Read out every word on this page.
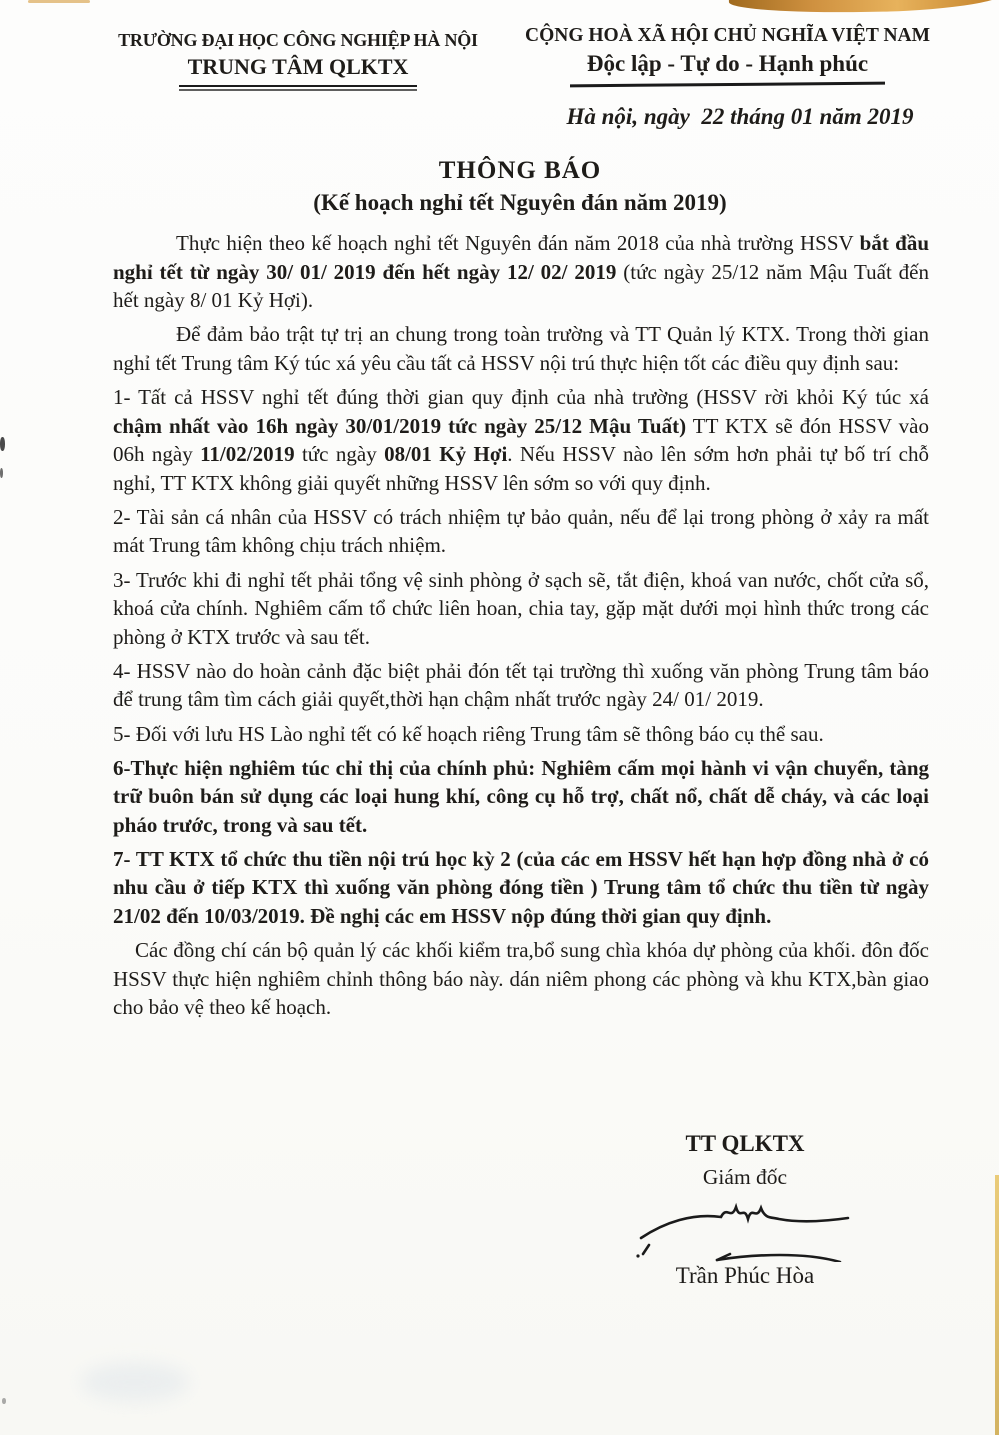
TRƯỜNG ĐẠI HỌC CÔNG NGHIỆP HÀ NỘI
TRUNG TÂM QLKTX
CỘNG HOÀ XÃ HỘI CHỦ NGHĨA VIỆT NAM
Độc lập - Tự do - Hạnh phúc
Hà nội, ngày  22 tháng 01 năm 2019
THÔNG BÁO
(Kế hoạch nghỉ tết Nguyên đán năm 2019)

Thực hiện theo kế hoạch nghỉ tết Nguyên đán năm 2018 của nhà trường HSSV bắt đầu nghỉ tết từ ngày 30/ 01/ 2019 đến hết ngày 12/ 02/ 2019 (tức ngày 25/12 năm Mậu Tuất đến hết ngày 8/ 01 Kỷ Hợi).

Để đảm bảo trật tự trị an chung trong toàn trường và TT Quản lý KTX. Trong thời gian nghỉ tết Trung tâm Ký túc xá yêu cầu tất cả HSSV nội trú thực hiện tốt các điều quy định sau:

1- Tất cả HSSV nghỉ tết đúng thời gian quy định của nhà trường (HSSV rời khỏi Ký túc xá chậm nhất vào 16h ngày 30/01/2019 tức ngày 25/12 Mậu Tuất) TT KTX sẽ đón HSSV vào 06h ngày 11/02/2019 tức ngày 08/01 Kỷ Hợi. Nếu HSSV nào lên sớm hơn phải tự bố trí chỗ nghỉ, TT KTX không giải quyết những HSSV lên sớm so với quy định.

2- Tài sản cá nhân của HSSV có trách nhiệm tự bảo quản, nếu để lại trong phòng ở xảy ra mất mát Trung tâm không chịu trách nhiệm.

3- Trước khi đi nghỉ tết phải tổng vệ sinh phòng ở sạch sẽ, tắt điện, khoá van nước, chốt cửa sổ, khoá cửa chính. Nghiêm cấm tổ chức liên hoan, chia tay, gặp mặt dưới mọi hình thức trong các phòng ở KTX trước và sau tết.

4- HSSV nào do hoàn cảnh đặc biệt phải đón tết tại trường thì xuống văn phòng Trung tâm báo để trung tâm tìm cách giải quyết,thời hạn chậm nhất trước ngày 24/ 01/ 2019.

5- Đối với lưu HS Lào nghỉ tết có kế hoạch riêng Trung tâm sẽ thông báo cụ thể sau.

6-Thực hiện nghiêm túc chỉ thị của chính phủ: Nghiêm cấm mọi hành vi vận chuyển, tàng trữ buôn bán sử dụng các loại hung khí, công cụ hỗ trợ, chất nổ, chất dễ cháy, và các loại pháo trước, trong và sau tết.

7- TT KTX tổ chức thu tiền nội trú học kỳ 2 (của các em HSSV hết hạn hợp đồng nhà ở có nhu cầu ở tiếp KTX thì xuống văn phòng đóng tiền ) Trung tâm tổ chức thu tiền từ ngày 21/02 đến 10/03/2019. Đề nghị các em HSSV nộp đúng thời gian quy định.

Các đồng chí cán bộ quản lý các khối kiểm tra,bổ sung chìa khóa dự phòng của khối. đôn đốc HSSV thực hiện nghiêm chỉnh thông báo này. dán niêm phong các phòng và khu KTX,bàn giao cho bảo vệ theo kế hoạch.

TT QLKTX
Giám đốc
Trần Phúc Hòa
